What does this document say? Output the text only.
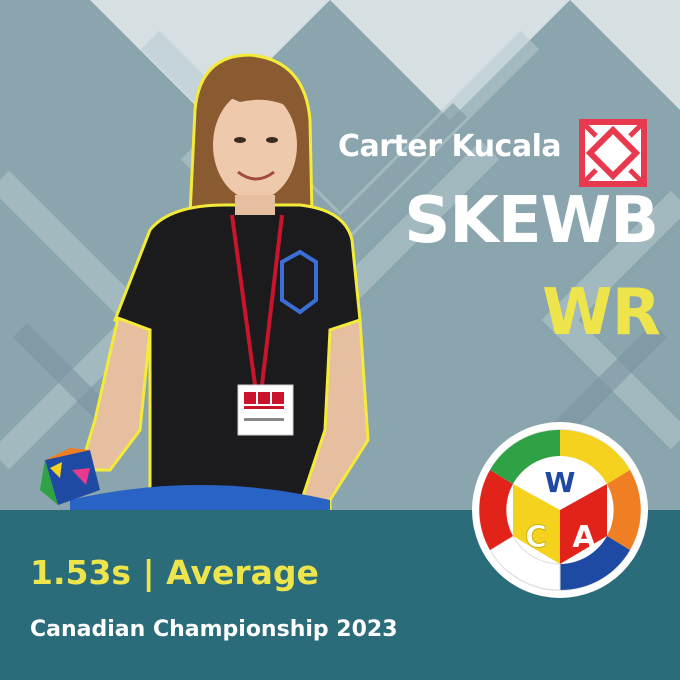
Carter Kucala
SKEWB
WR
1.53s | Average
Canadian Championship 2023
W
C A
